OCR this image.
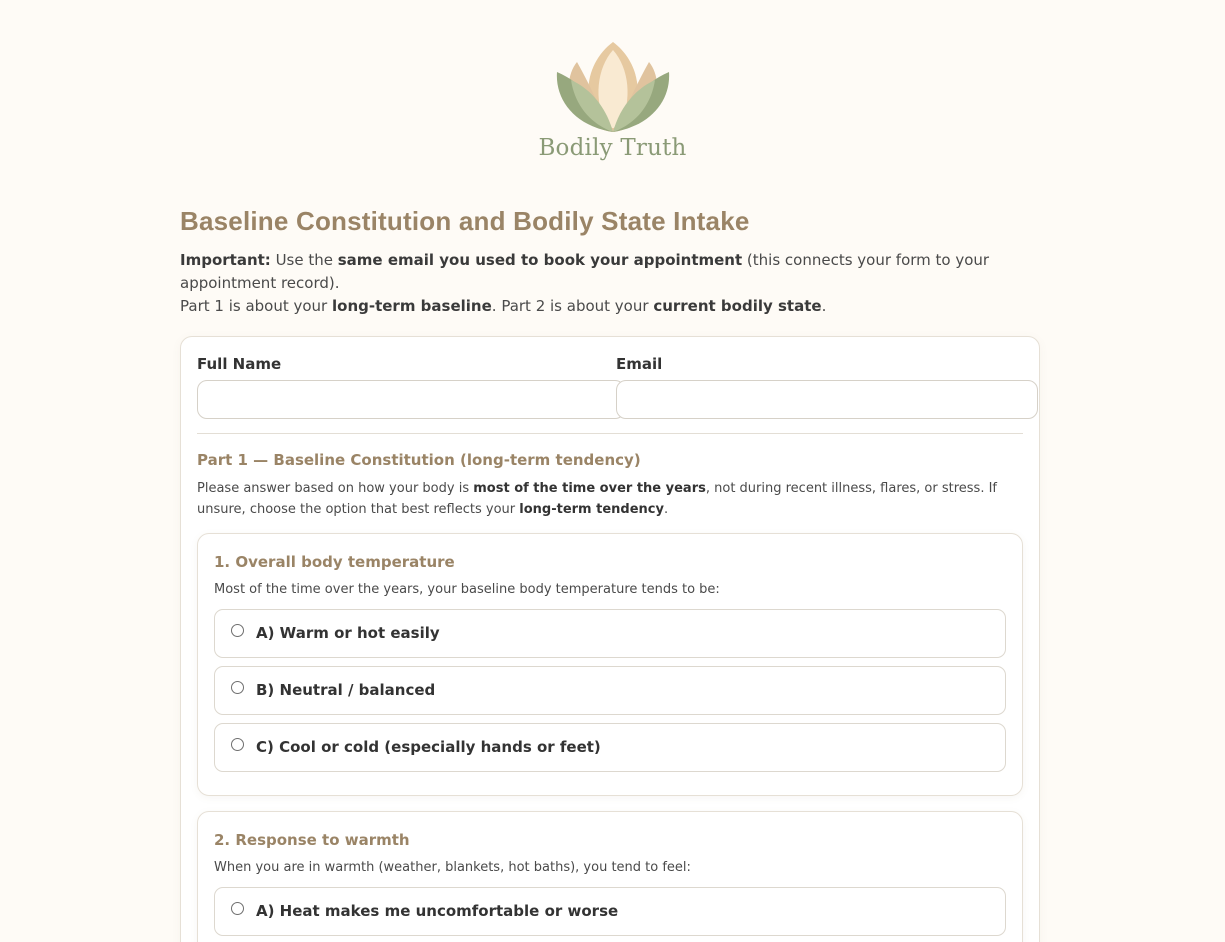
Bodily Truth
Baseline Constitution and Bodily State Intake
Important: Use the same email you used to book your appointment (this connects your form to your appointment record).
Part 1 is about your long-term baseline. Part 2 is about your current bodily state.
Full Name	Email
Part 1 — Baseline Constitution (long-term tendency)
Please answer based on how your body is most of the time over the years, not during recent illness, flares, or stress. If unsure, choose the option that best reflects your long-term tendency.
1. Overall body temperature
Most of the time over the years, your baseline body temperature tends to be:
A) Warm or hot easily
B) Neutral / balanced
C) Cool or cold (especially hands or feet)
2. Response to warmth
When you are in warmth (weather, blankets, hot baths), you tend to feel:
A) Heat makes me uncomfortable or worse
